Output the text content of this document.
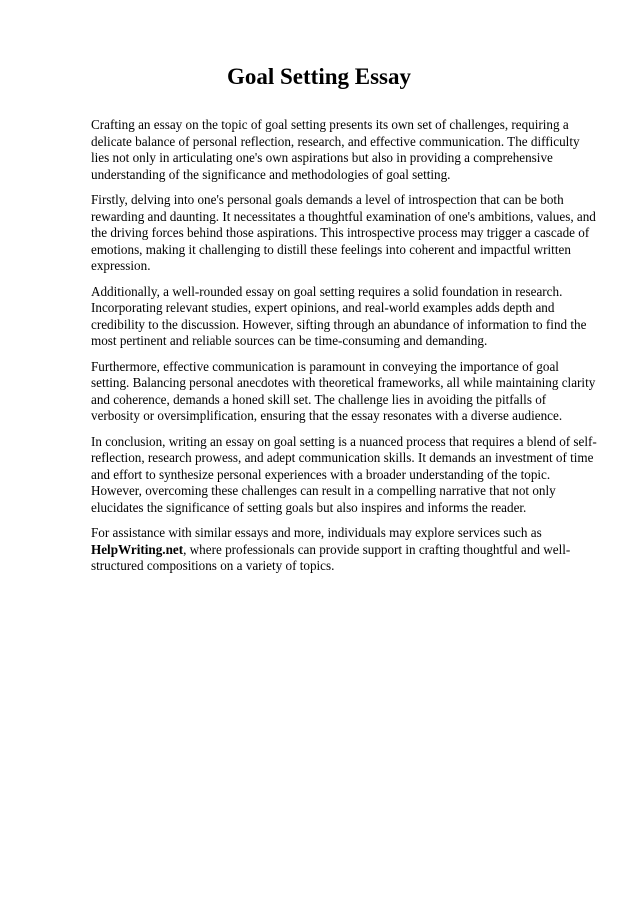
Goal Setting Essay

Crafting an essay on the topic of goal setting presents its own set of challenges, requiring a delicate balance of personal reflection, research, and effective communication. The difficulty lies not only in articulating one's own aspirations but also in providing a comprehensive understanding of the significance and methodologies of goal setting.

Firstly, delving into one's personal goals demands a level of introspection that can be both rewarding and daunting. It necessitates a thoughtful examination of one's ambitions, values, and the driving forces behind those aspirations. This introspective process may trigger a cascade of emotions, making it challenging to distill these feelings into coherent and impactful written expression.

Additionally, a well-rounded essay on goal setting requires a solid foundation in research. Incorporating relevant studies, expert opinions, and real-world examples adds depth and credibility to the discussion. However, sifting through an abundance of information to find the most pertinent and reliable sources can be time-consuming and demanding.

Furthermore, effective communication is paramount in conveying the importance of goal setting. Balancing personal anecdotes with theoretical frameworks, all while maintaining clarity and coherence, demands a honed skill set. The challenge lies in avoiding the pitfalls of verbosity or oversimplification, ensuring that the essay resonates with a diverse audience.

In conclusion, writing an essay on goal setting is a nuanced process that requires a blend of self-reflection, research prowess, and adept communication skills. It demands an investment of time and effort to synthesize personal experiences with a broader understanding of the topic. However, overcoming these challenges can result in a compelling narrative that not only elucidates the significance of setting goals but also inspires and informs the reader.

For assistance with similar essays and more, individuals may explore services such as HelpWriting.net, where professionals can provide support in crafting thoughtful and well-structured compositions on a variety of topics.
